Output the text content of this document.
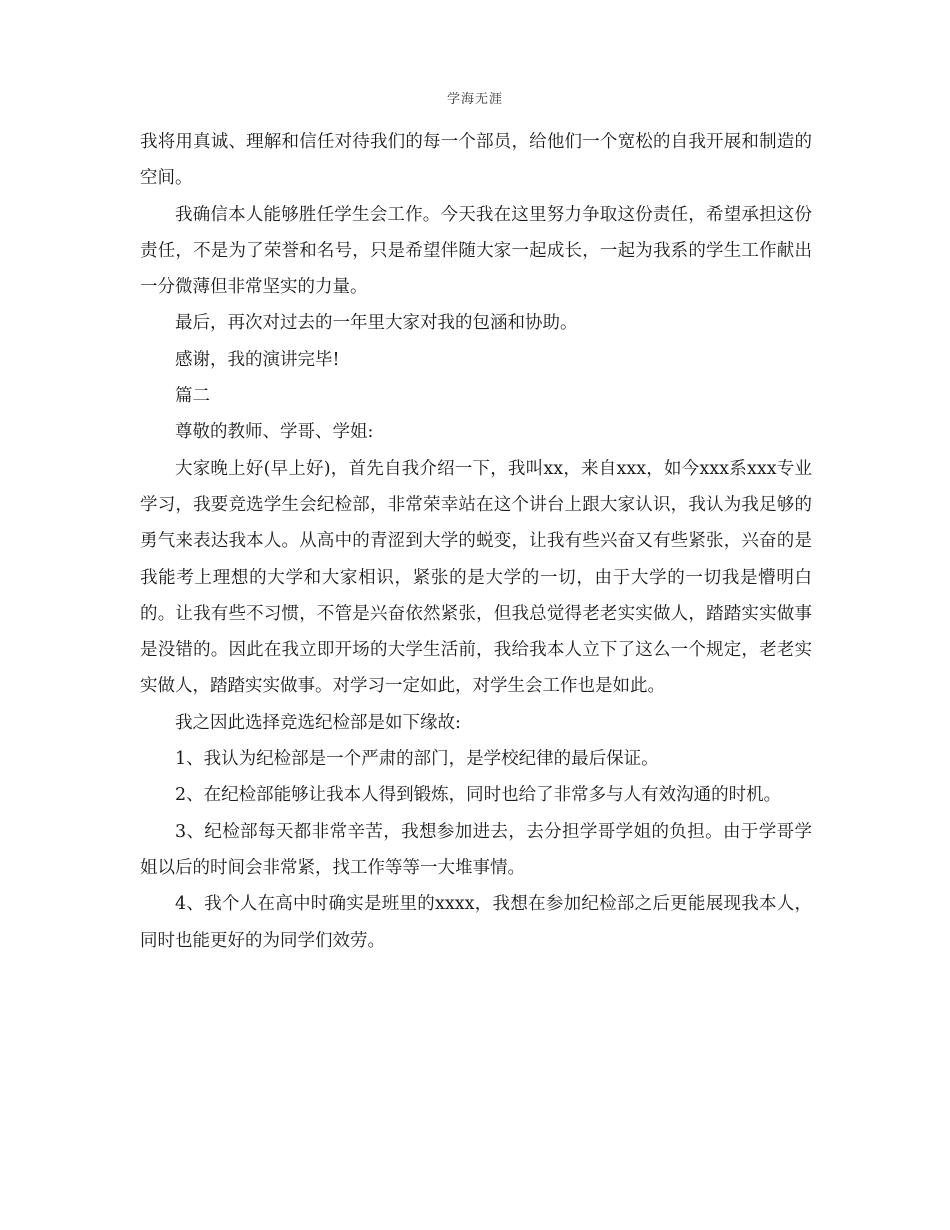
学海无涯

我将用真诚、理解和信任对待我们的每一个部员，给他们一个宽松的自我开展和制造的空间。

我确信本人能够胜任学生会工作。今天我在这里努力争取这份责任，希望承担这份责任，不是为了荣誉和名号，只是希望伴随大家一起成长，一起为我系的学生工作献出一分微薄但非常坚实的力量。

最后，再次对过去的一年里大家对我的包涵和协助。

感谢，我的演讲完毕!

篇二

尊敬的教师、学哥、学姐:

大家晚上好(早上好)，首先自我介绍一下，我叫xx，来自xxx，如今xxx系xxx专业学习，我要竞选学生会纪检部，非常荣幸站在这个讲台上跟大家认识，我认为我足够的勇气来表达我本人。从高中的青涩到大学的蜕变，让我有些兴奋又有些紧张，兴奋的是我能考上理想的大学和大家相识，紧张的是大学的一切，由于大学的一切我是懵明白的。让我有些不习惯，不管是兴奋依然紧张，但我总觉得老老实实做人，踏踏实实做事是没错的。因此在我立即开场的大学生活前，我给我本人立下了这么一个规定，老老实实做人，踏踏实实做事。对学习一定如此，对学生会工作也是如此。

我之因此选择竞选纪检部是如下缘故:

1、我认为纪检部是一个严肃的部门，是学校纪律的最后保证。

2、在纪检部能够让我本人得到锻炼，同时也给了非常多与人有效沟通的时机。

3、纪检部每天都非常辛苦，我想参加进去，去分担学哥学姐的负担。由于学哥学姐以后的时间会非常紧，找工作等等一大堆事情。

4、我个人在高中时确实是班里的xxxx，我想在参加纪检部之后更能展现我本人，同时也能更好的为同学们效劳。
